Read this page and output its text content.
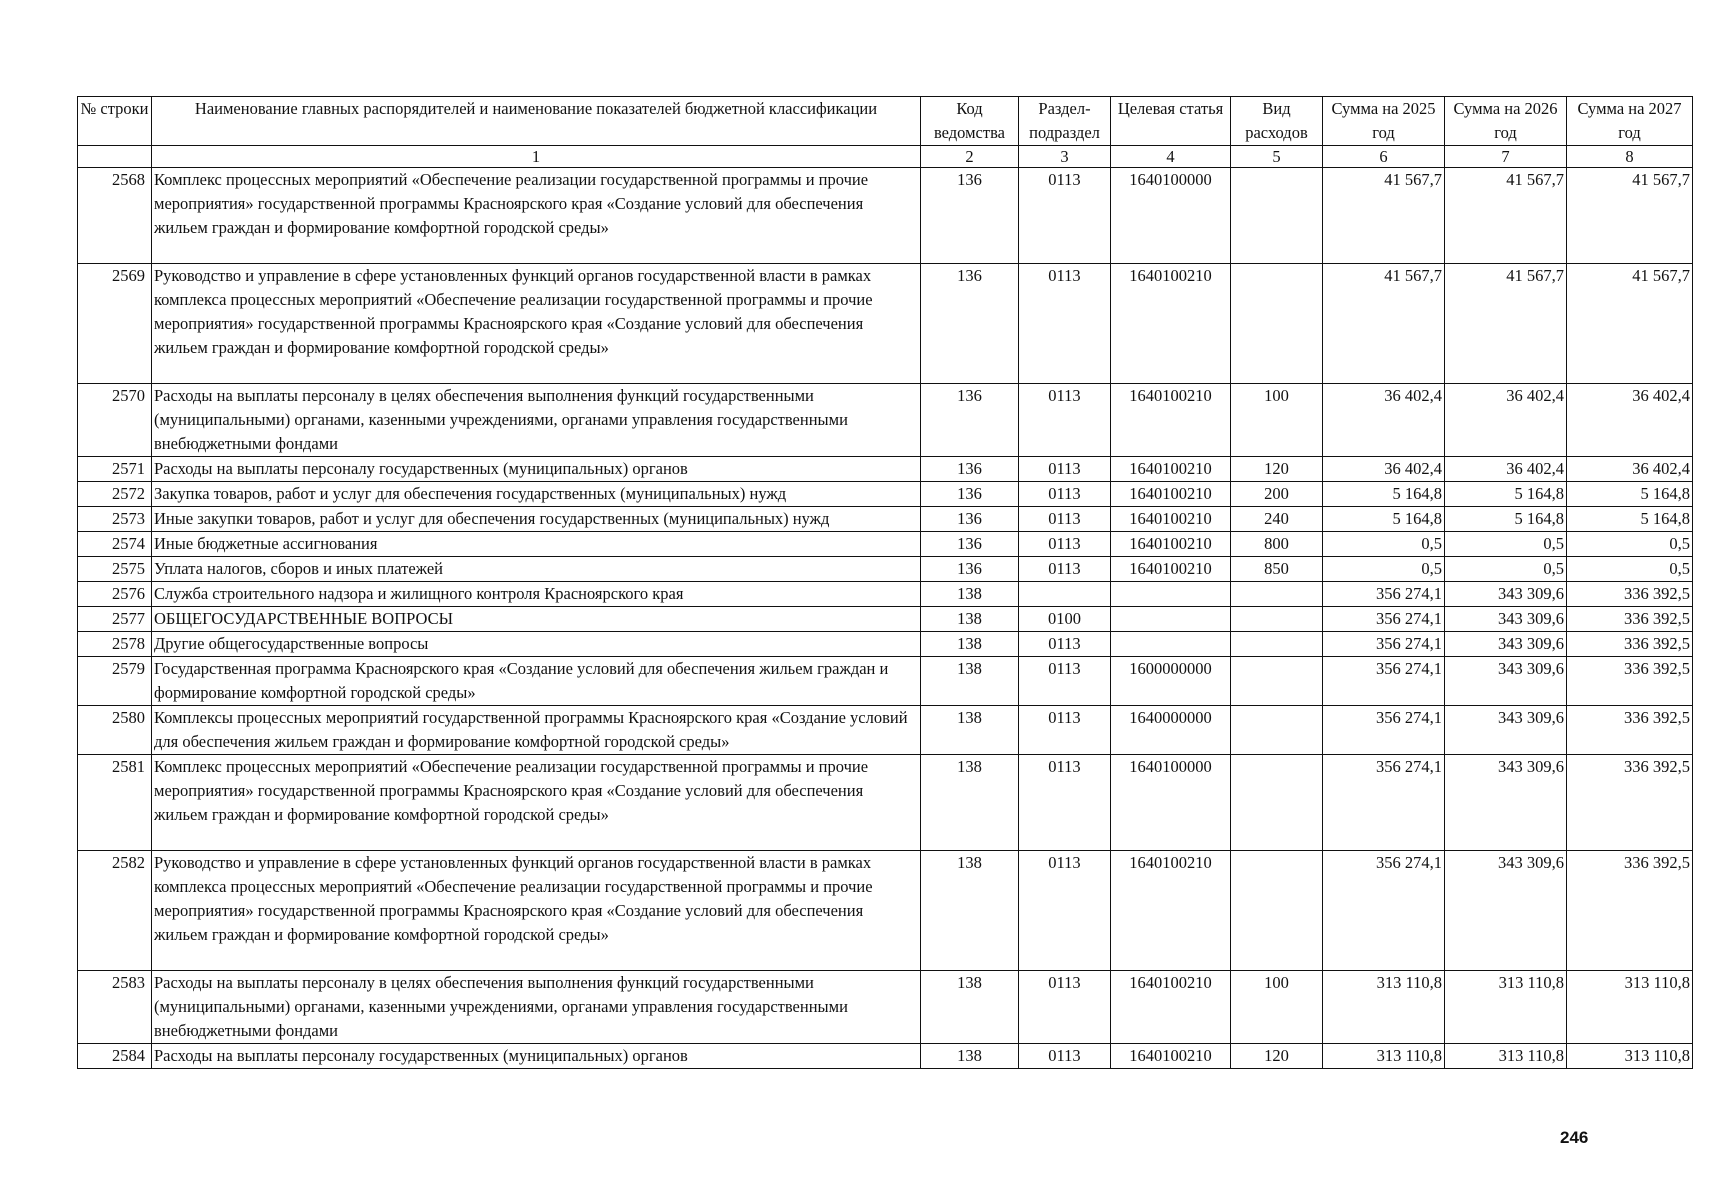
№ строки	Наименование главных распорядителей и наименование показателей бюджетной классификации	Код ведомства	Раздел-подраздел	Целевая статья	Вид расходов	Сумма на 2025 год	Сумма на 2026 год	Сумма на 2027 год
	1	2	3	4	5	6	7	8
2568	Комплекс процессных мероприятий «Обеспечение реализации государственной программы и прочие мероприятия» государственной программы Красноярского края «Создание условий для обеспечения жильем граждан и формирование комфортной городской среды»	136	0113	1640100000		41 567,7	41 567,7	41 567,7
2569	Руководство и управление в сфере установленных функций органов государственной власти в рамках комплекса процессных мероприятий «Обеспечение реализации государственной программы и прочие мероприятия» государственной программы Красноярского края «Создание условий для обеспечения жильем граждан и формирование комфортной городской среды»	136	0113	1640100210		41 567,7	41 567,7	41 567,7
2570	Расходы на выплаты персоналу в целях обеспечения выполнения функций государственными (муниципальными) органами, казенными учреждениями, органами управления государственными внебюджетными фондами	136	0113	1640100210	100	36 402,4	36 402,4	36 402,4
2571	Расходы на выплаты персоналу государственных (муниципальных) органов	136	0113	1640100210	120	36 402,4	36 402,4	36 402,4
2572	Закупка товаров, работ и услуг для обеспечения государственных (муниципальных) нужд	136	0113	1640100210	200	5 164,8	5 164,8	5 164,8
2573	Иные закупки товаров, работ и услуг для обеспечения государственных (муниципальных) нужд	136	0113	1640100210	240	5 164,8	5 164,8	5 164,8
2574	Иные бюджетные ассигнования	136	0113	1640100210	800	0,5	0,5	0,5
2575	Уплата налогов, сборов и иных платежей	136	0113	1640100210	850	0,5	0,5	0,5
2576	Служба строительного надзора и жилищного контроля Красноярского края	138				356 274,1	343 309,6	336 392,5
2577	ОБЩЕГОСУДАРСТВЕННЫЕ ВОПРОСЫ	138	0100			356 274,1	343 309,6	336 392,5
2578	Другие общегосударственные вопросы	138	0113			356 274,1	343 309,6	336 392,5
2579	Государственная программа Красноярского края «Создание условий для обеспечения жильем граждан и формирование комфортной городской среды»	138	0113	1600000000		356 274,1	343 309,6	336 392,5
2580	Комплексы процессных мероприятий государственной программы Красноярского края «Создание условий для обеспечения жильем граждан и формирование комфортной городской среды»	138	0113	1640000000		356 274,1	343 309,6	336 392,5
2581	Комплекс процессных мероприятий «Обеспечение реализации государственной программы и прочие мероприятия» государственной программы Красноярского края «Создание условий для обеспечения жильем граждан и формирование комфортной городской среды»	138	0113	1640100000		356 274,1	343 309,6	336 392,5
2582	Руководство и управление в сфере установленных функций органов государственной власти в рамках комплекса процессных мероприятий «Обеспечение реализации государственной программы и прочие мероприятия» государственной программы Красноярского края «Создание условий для обеспечения жильем граждан и формирование комфортной городской среды»	138	0113	1640100210		356 274,1	343 309,6	336 392,5
2583	Расходы на выплаты персоналу в целях обеспечения выполнения функций государственными (муниципальными) органами, казенными учреждениями, органами управления государственными внебюджетными фондами	138	0113	1640100210	100	313 110,8	313 110,8	313 110,8
2584	Расходы на выплаты персоналу государственных (муниципальных) органов	138	0113	1640100210	120	313 110,8	313 110,8	313 110,8
246
